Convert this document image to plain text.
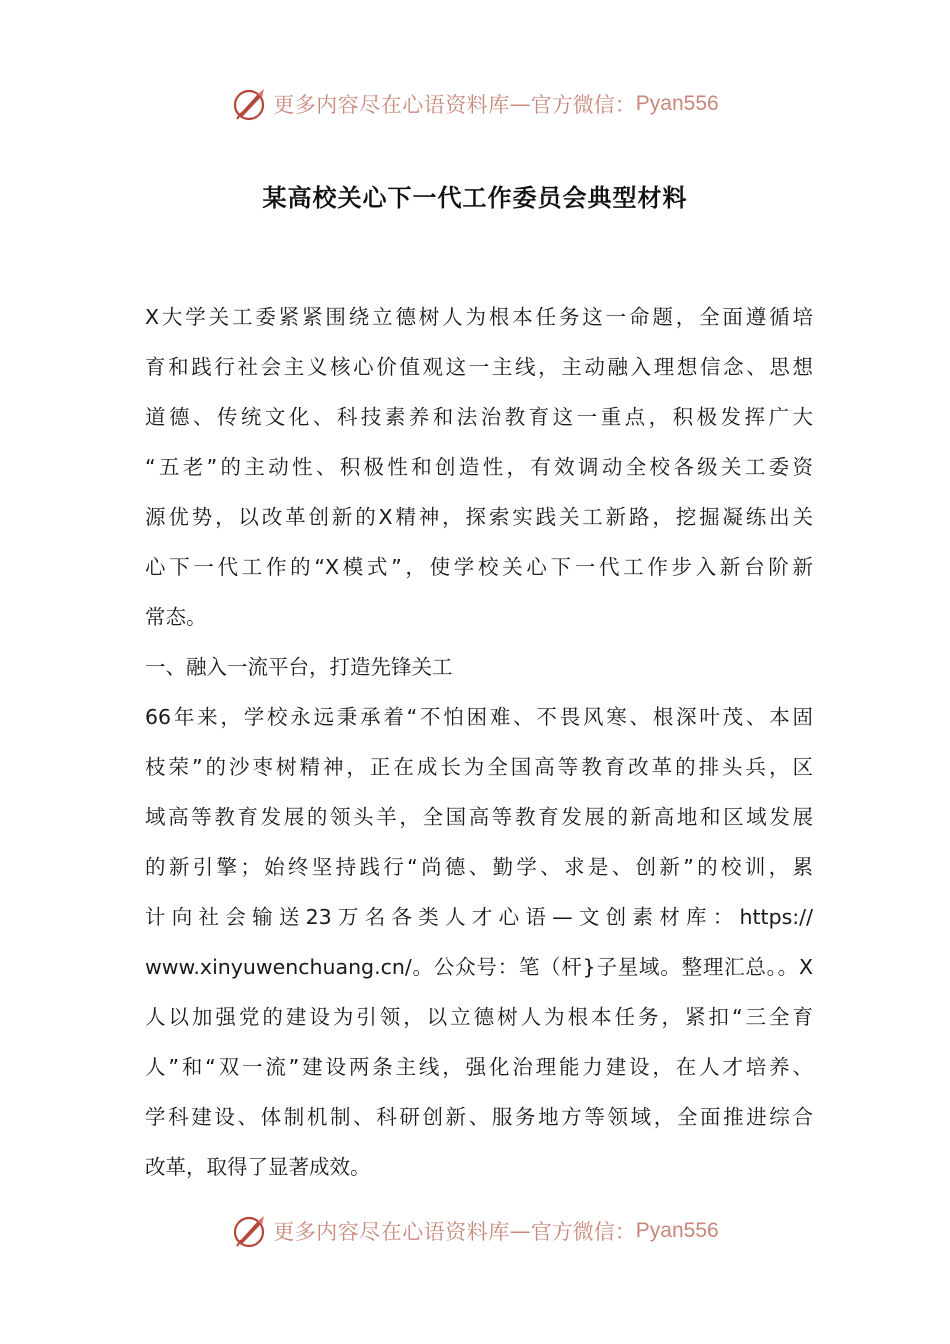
更多内容尽在心语资料库 — 官方微信： Pyan556
某高校关心下一代工作委员会典型材料
X大学关工委紧紧围绕立德树人为根本任务这一命题，全面遵循培
育和践行社会主义核心价值观这一主线，主动融入理想信念、思想
道德、传统文化、科技素养和法治教育这一重点，积极发挥广大
“五老”的主动性、积极性和创造性，有效调动全校各级关工委资
源优势，以改革创新的X精神，探索实践关工新路，挖掘凝练出关
心下一代工作的“X模式”，使学校关心下一代工作步入新台阶新
常态。
一、融入一流平台，打造先锋关工
66年来，学校永远秉承着“不怕困难、不畏风寒、根深叶茂、本固
枝荣”的沙枣树精神，正在成长为全国高等教育改革的排头兵，区
域高等教育发展的领头羊，全国高等教育发展的新高地和区域发展
的新引擎；始终坚持践行“尚德、勤学、求是、创新”的校训，累
计向社会输送23万名各类人才心语—文创素材库：https://
www.xinyuwenchuang.cn/。公众号：笔（杆}子星域。整理汇总。。X
人以加强党的建设为引领，以立德树人为根本任务，紧扣“三全育
人”和“双一流”建设两条主线，强化治理能力建设，在人才培养、
学科建设、体制机制、科研创新、服务地方等领域，全面推进综合
改革，取得了显著成效。
更多内容尽在心语资料库 — 官方微信： Pyan556
